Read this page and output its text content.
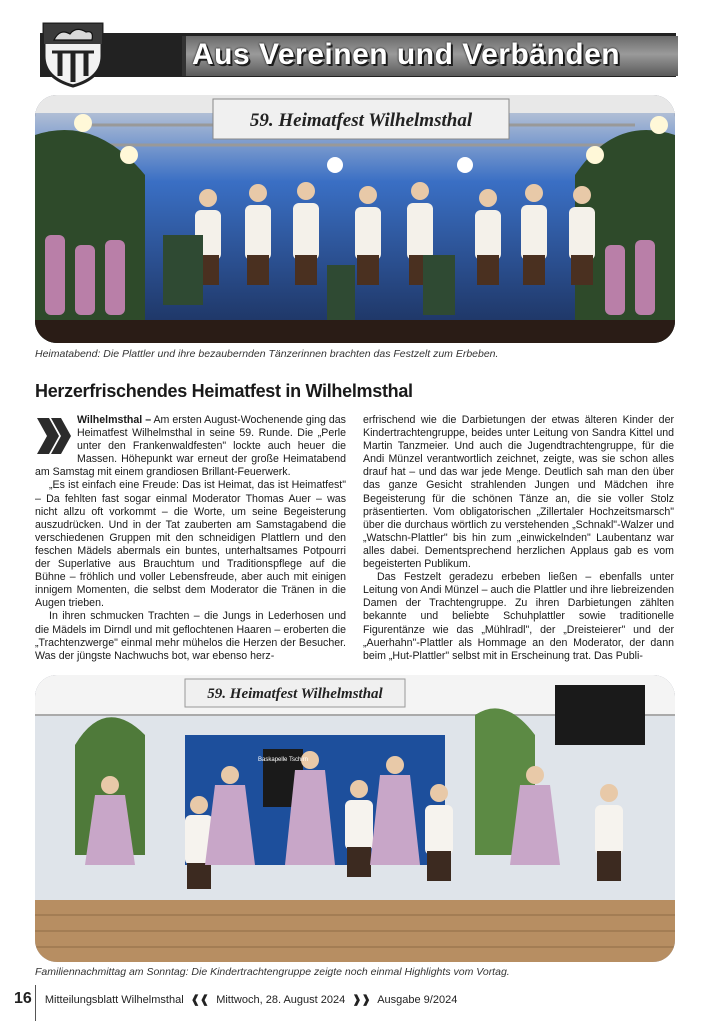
Aus Vereinen und Verbänden
59. Heimatfest Wilhelmsthal
Heimatabend: Die Plattler und ihre bezaubernden Tänzerinnen brachten das Festzelt zum Erbeben.
Herzerfrischendes Heimatfest in Wilhelmsthal

Wilhelmsthal – Am ersten August-Wochenende ging das Heimatfest Wilhelmsthal in seine 59. Runde. Die „Perle unter den Frankenwaldfesten" lockte auch heuer die Massen. Höhepunkt war erneut der große Heimatabend am Samstag mit einem grandiosen Brillant-Feuerwerk.

„Es ist einfach eine Freude: Das ist Heimat, das ist Heimatfest" – Da fehlten fast sogar einmal Moderator Thomas Auer – was nicht allzu oft vorkommt – die Worte, um seine Begeisterung auszudrücken. Und in der Tat zauberten am Samstagabend die verschiedenen Gruppen mit den schneidigen Plattlern und den feschen Mädels abermals ein buntes, unterhaltsames Potpourri der Superlative aus Brauchtum und Traditionspflege auf die Bühne – fröhlich und voller Lebensfreude, aber auch mit einigen innigem Momenten, die selbst dem Moderator die Tränen in die Augen trieben.

In ihren schmucken Trachten – die Jungs in Lederhosen und die Mädels im Dirndl und mit geflochtenen Haaren – eroberten die „Trachtenzwerge" einmal mehr mühelos die Herzen der Besucher. Was der jüngste Nachwuchs bot, war ebenso herz-

erfrischend wie die Darbietungen der etwas älteren Kinder der Kindertrachtengruppe, beides unter Leitung von Sandra Kittel und Martin Tanzmeier. Und auch die Jugendtrachtengruppe, für die Andi Münzel verantwortlich zeichnet, zeigte, was sie schon alles drauf hat – und das war jede Menge. Deutlich sah man den über das ganze Gesicht strahlenden Jungen und Mädchen ihre Begeisterung für die schönen Tänze an, die sie voller Stolz präsentierten. Vom obligatorischen „Zillertaler Hochzeitsmarsch" über die durchaus wörtlich zu verstehenden „Schnakl"-Walzer und „Watschn-Plattler" bis hin zum „einwickelnden" Laubentanz war alles dabei. Dementsprechend herzlichen Applaus gab es vom begeisterten Publikum.

Das Festzelt geradezu erbeben ließen – ebenfalls unter Leitung von Andi Münzel – auch die Plattler und ihre liebreizenden Damen der Trachtengruppe. Zu ihren Darbietungen zählten bekannte und beliebte Schuhplattler sowie traditionelle Figurentänze wie das „Mühlradl", der „Dreisteierer" und der „Auerhahn"-Plattler als Hommage an den Moderator, der dann beim „Hut-Plattler" selbst mit in Erscheinung trat. Das Publi-

59. Heimatfest Wilhelmsthal
Baskapelle Tschirn
Familiennachmittag am Sonntag: Die Kindertrachtengruppe zeigte noch einmal Highlights vom Vortag.
16 Mitteilungsblatt Wilhelmsthal ❰❰ Mittwoch, 28. August 2024 ❱❱ Ausgabe 9/2024
